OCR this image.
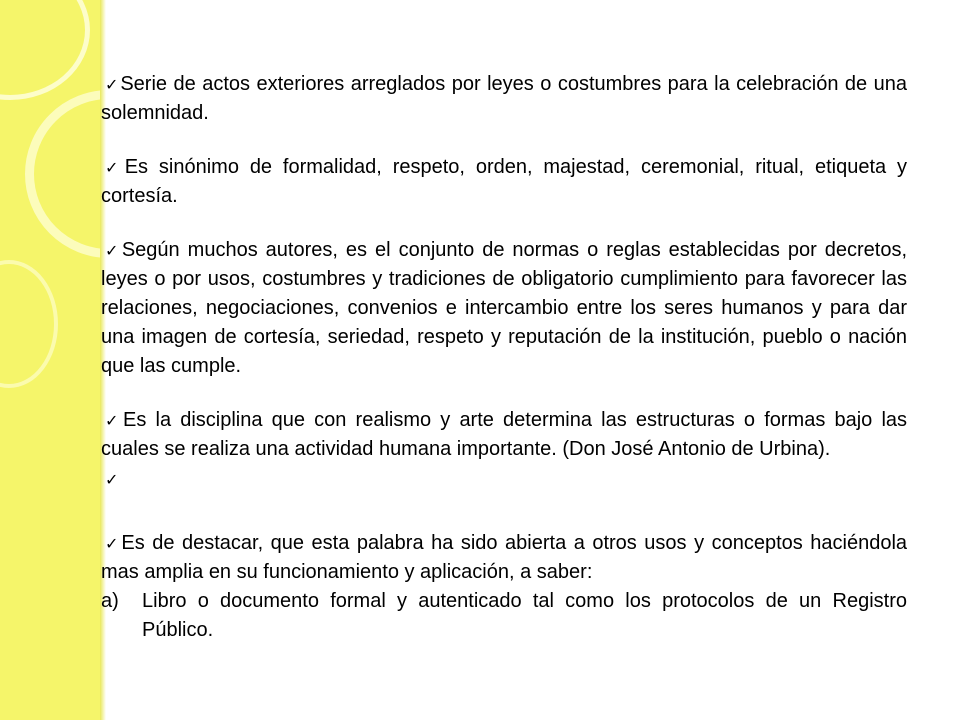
✓Serie de actos exteriores arreglados por leyes o costumbres para la celebración de una solemnidad.

✓Es sinónimo de formalidad, respeto, orden, majestad, ceremonial, ritual, etiqueta y cortesía.

✓Según muchos autores, es el conjunto de normas o reglas establecidas por decretos, leyes o por usos, costumbres y tradiciones de obligatorio cumplimiento para favorecer las relaciones, negociaciones, convenios e intercambio entre los seres humanos y para dar una imagen de cortesía, seriedad, respeto y reputación de la institución, pueblo o nación que las cumple.

✓Es la disciplina que con realismo y arte determina las estructuras o formas bajo las cuales se realiza una actividad humana importante. (Don José Antonio de Urbina).

✓

✓Es de destacar, que esta palabra ha sido abierta a otros usos y conceptos haciéndola mas amplia en su funcionamiento y aplicación, a saber:

a)	Libro o documento formal y autenticado tal como los protocolos de un Registro Público.
